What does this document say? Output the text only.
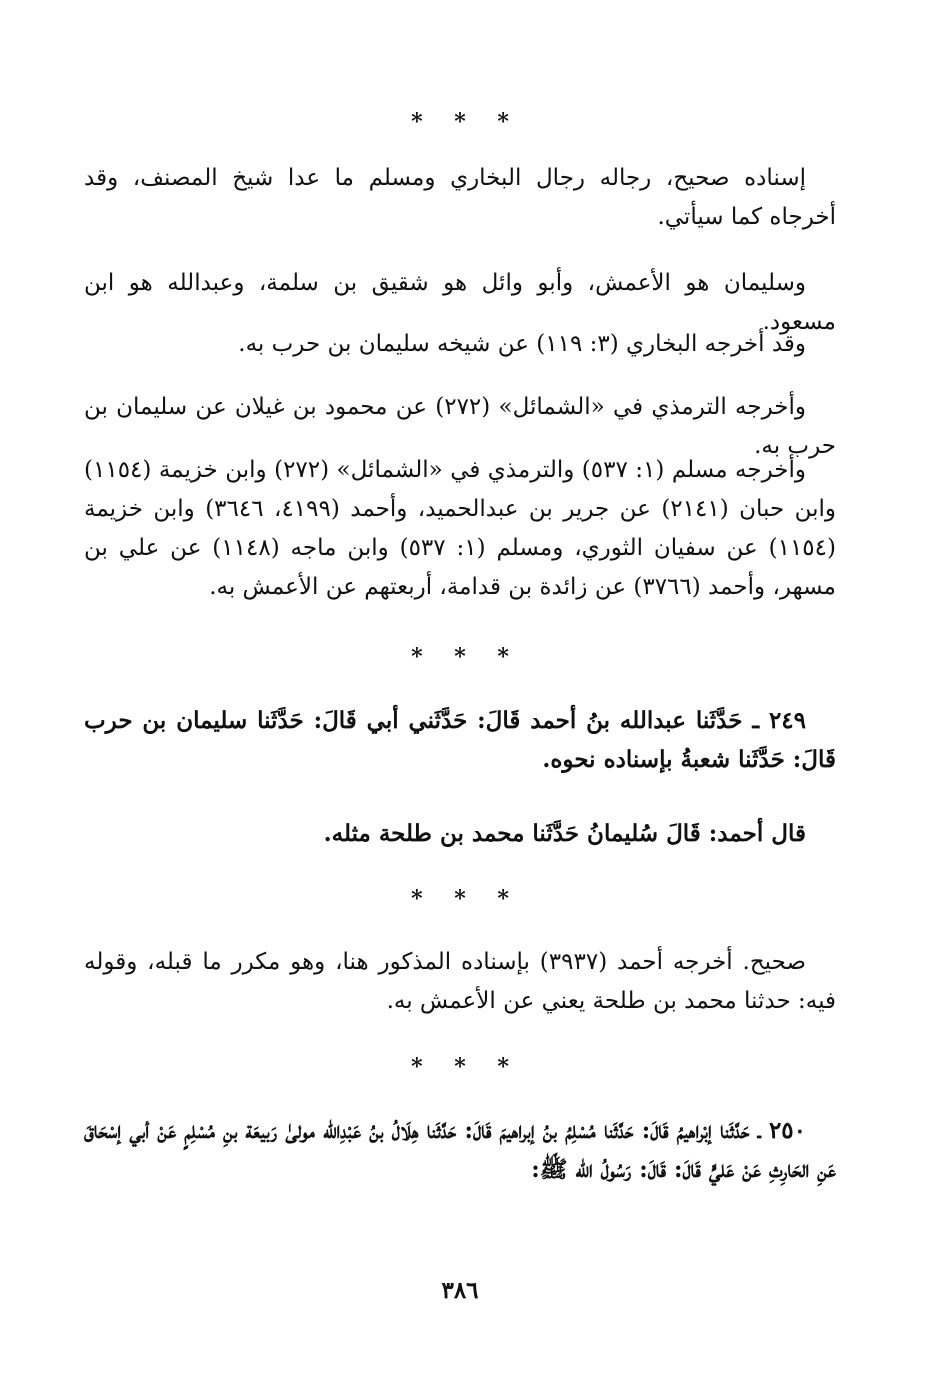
* * *

إسناده صحيح، رجاله رجال البخاري ومسلم ما عدا شيخ المصنف، وقد أخرجاه كما سيأتي.

وسليمان هو الأعمش، وأبو وائل هو شقيق بن سلمة، وعبدالله هو ابن مسعود.

وقد أخرجه البخاري (٣: ١١٩) عن شيخه سليمان بن حرب به.

وأخرجه الترمذي في «الشمائل» (٢٧٢) عن محمود بن غيلان عن سليمان بن حرب به.

وأخرجه مسلم (١: ٥٣٧) والترمذي في «الشمائل» (٢٧٢) وابن خزيمة (١١٥٤) وابن حبان (٢١٤١) عن جرير بن عبدالحميد، وأحمد (٤١٩٩، ٣٦٤٦) وابن خزيمة (١١٥٤) عن سفيان الثوري، ومسلم (١: ٥٣٧) وابن ماجه (١١٤٨) عن علي بن مسهر، وأحمد (٣٧٦٦) عن زائدة بن قدامة، أربعتهم عن الأعمش به.

* * *

٢٤٩ ـ حَدَّثَنا عبدالله بنُ أحمد قَالَ: حَدَّثَني أبي قَالَ: حَدَّثَنا سليمان بن حرب قَالَ: حَدَّثَنا شعبةُ بإسناده نحوه.

قال أحمد: قَالَ سُليمانُ حَدَّثَنا محمد بن طلحة مثله.

* * *

صحيح. أخرجه أحمد (٣٩٣٧) بإسناده المذكور هنا، وهو مكرر ما قبله، وقوله فيه: حدثنا محمد بن طلحة يعني عن الأعمش به.

* * *

٢٥٠ ـ حَدَّثَنا إبْراهيمُ قَالَ: حَدَّثَنا مُسْلِمُ بنُ إبراهيمَ قَالَ: حَدَّثَنا هِلَالُ بنُ عَبْدِالله مولىٰ رَبيعَة بنِ مُسْلِمٍ عَنْ أبي إسْحَاقَ عَنِ الحَارِثِ عَنْ عَليٍّ قَالَ: قَالَ: رَسُولُ الله ﷺ:

٣٨٦
